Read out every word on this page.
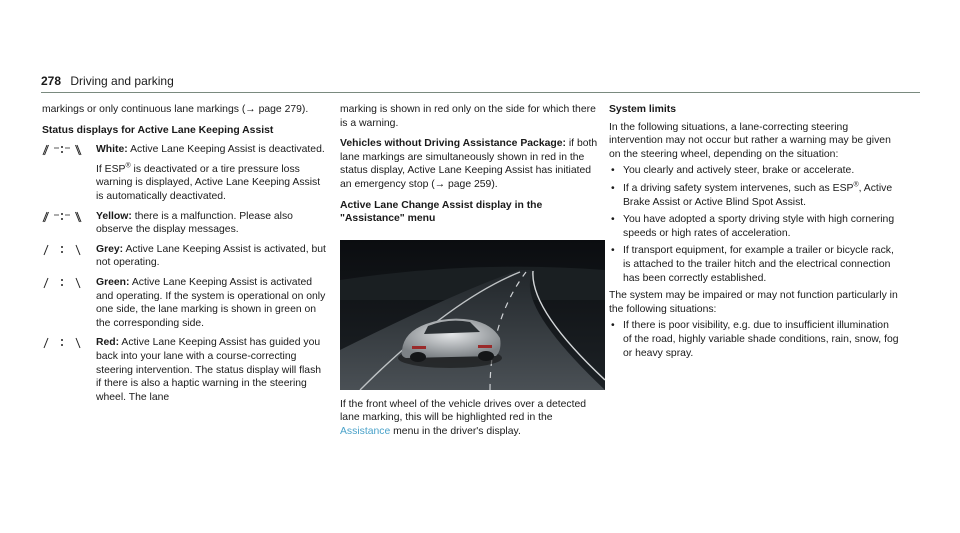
278 Driving and parking

markings or only continuous lane markings (→ page 279).

Status displays for Active Lane Keeping Assist

White: Active Lane Keeping Assist is deactivated.

If ESP® is deactivated or a tire pressure loss warning is displayed, Active Lane Keeping Assist is automatically deactivated.

Yellow: there is a malfunction. Please also observe the display messages.
Grey: Active Lane Keeping Assist is activated, but not operating.
Green: Active Lane Keeping Assist is activated and operating. If the system is operational on only one side, the lane marking is shown in green on the corresponding side.
Red: Active Lane Keeping Assist has guided you back into your lane with a course-correcting steering intervention. The status display will flash if there is also a haptic warning in the steering wheel. The lane

marking is shown in red only on the side for which there is a warning.

Vehicles without Driving Assistance Package: if both lane markings are simultaneously shown in red in the status display, Active Lane Keeping Assist has initiated an emergency stop (→ page 259).

Active Lane Change Assist display in the "Assistance" menu

If the front wheel of the vehicle drives over a detected lane marking, this will be highlighted red in the Assistance menu in the driver's display.

System limits

In the following situations, a lane-correcting steering intervention may not occur but rather a warning may be given on the steering wheel, depending on the situation:

• You clearly and actively steer, brake or accelerate.
• If a driving safety system intervenes, such as ESP®, Active Brake Assist or Active Blind Spot Assist.
• You have adopted a sporty driving style with high cornering speeds or high rates of acceleration.
• If transport equipment, for example a trailer or bicycle rack, is attached to the trailer hitch and the electrical connection has been correctly established.

The system may be impaired or may not function particularly in the following situations:

• If there is poor visibility, e.g. due to insufficient illumination of the road, highly variable shade conditions, rain, snow, fog or heavy spray.
